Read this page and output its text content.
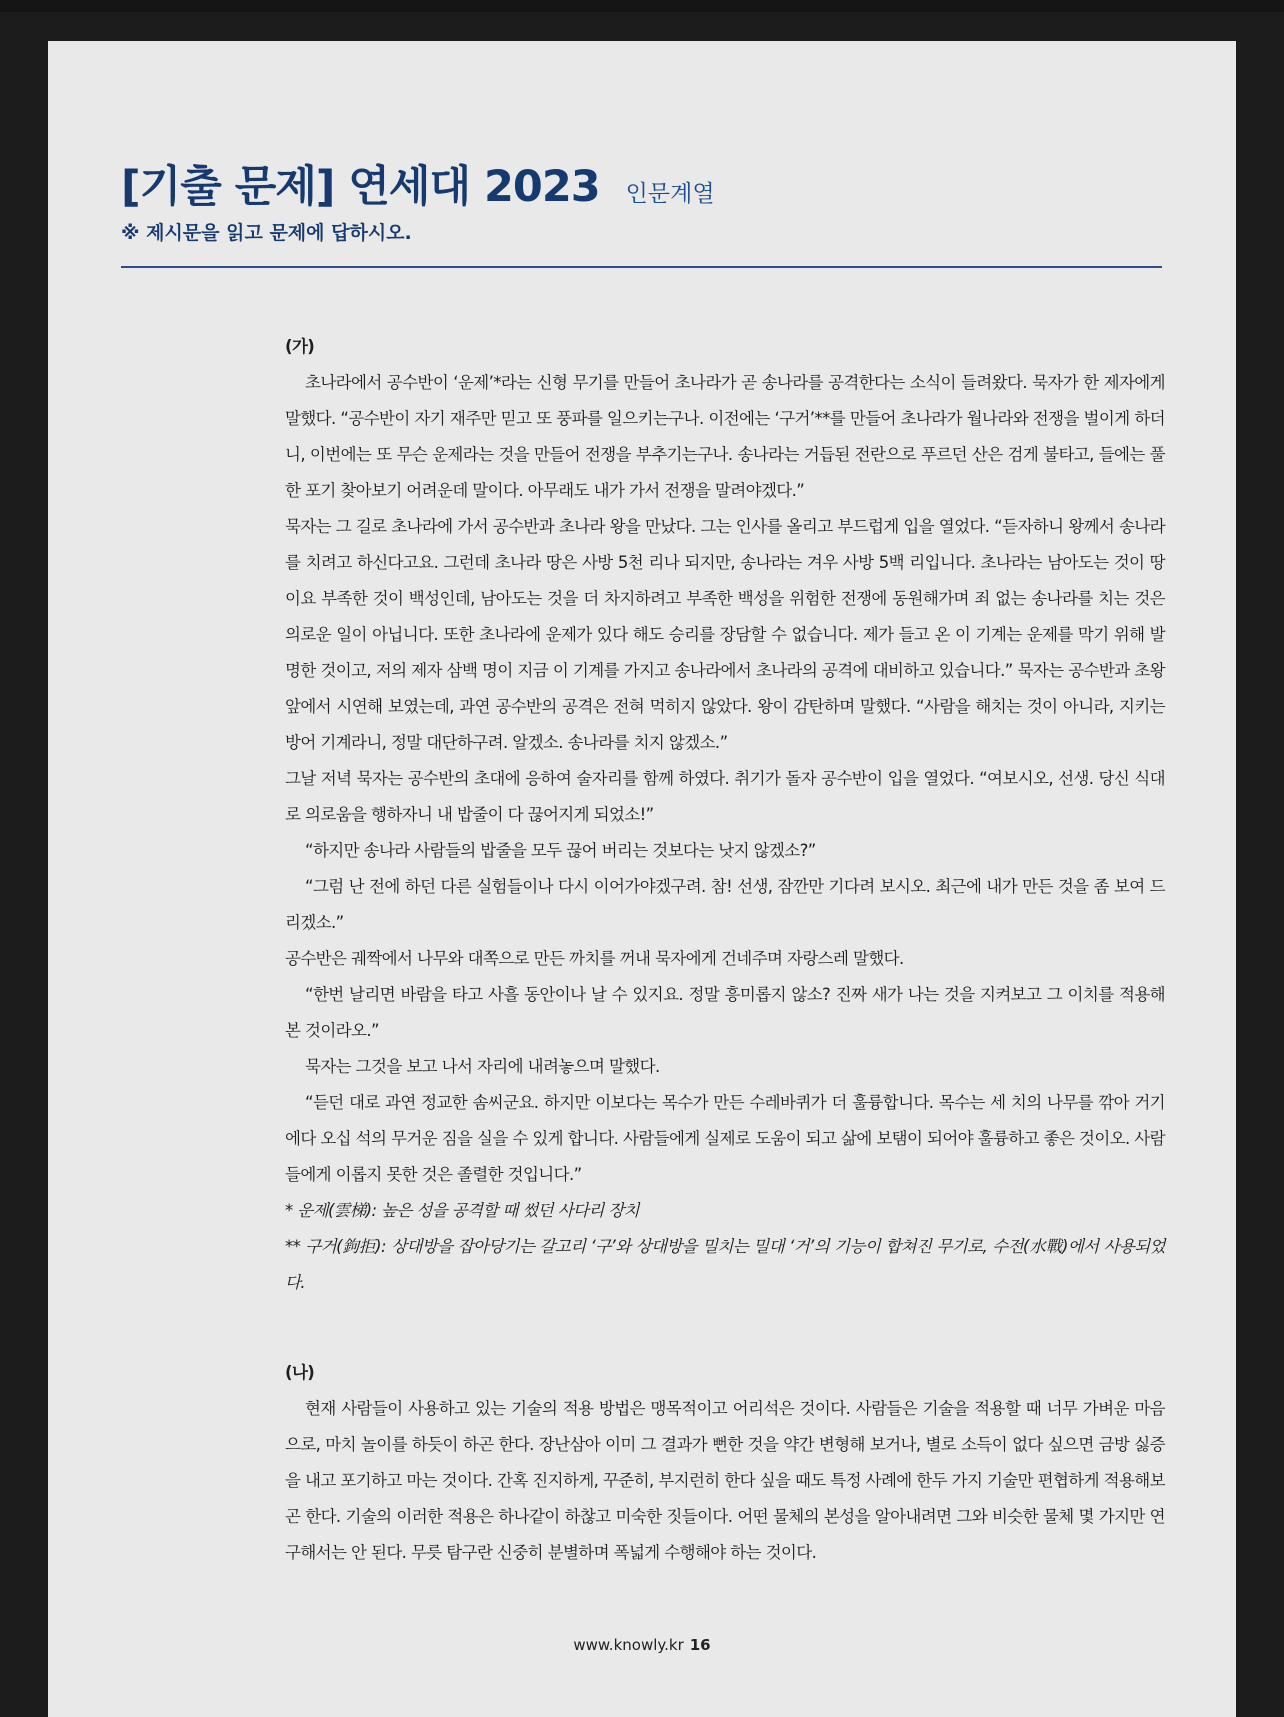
[기출 문제] 연세대 2023 인문계열
※ 제시문을 읽고 문제에 답하시오.
(가)

초나라에서 공수반이 ‘운제’*라는 신형 무기를 만들어 초나라가 곧 송나라를 공격한다는 소식이 들려왔다. 묵자가 한 제자에게 말했다. “공수반이 자기 재주만 믿고 또 풍파를 일으키는구나. 이전에는 ‘구거’**를 만들어 초나라가 월나라와 전쟁을 벌이게 하더니, 이번에는 또 무슨 운제라는 것을 만들어 전쟁을 부추기는구나. 송나라는 거듭된 전란으로 푸르던 산은 검게 불타고, 들에는 풀 한 포기 찾아보기 어려운데 말이다. 아무래도 내가 가서 전쟁을 말려야겠다.”

묵자는 그 길로 초나라에 가서 공수반과 초나라 왕을 만났다. 그는 인사를 올리고 부드럽게 입을 열었다. “듣자하니 왕께서 송나라를 치려고 하신다고요. 그런데 초나라 땅은 사방 5천 리나 되지만, 송나라는 겨우 사방 5백 리입니다. 초나라는 남아도는 것이 땅이요 부족한 것이 백성인데, 남아도는 것을 더 차지하려고 부족한 백성을 위험한 전쟁에 동원해가며 죄 없는 송나라를 치는 것은 의로운 일이 아닙니다. 또한 초나라에 운제가 있다 해도 승리를 장담할 수 없습니다. 제가 들고 온 이 기계는 운제를 막기 위해 발명한 것이고, 저의 제자 삼백 명이 지금 이 기계를 가지고 송나라에서 초나라의 공격에 대비하고 있습니다.” 묵자는 공수반과 초왕 앞에서 시연해 보였는데, 과연 공수반의 공격은 전혀 먹히지 않았다. 왕이 감탄하며 말했다. “사람을 해치는 것이 아니라, 지키는 방어 기계라니, 정말 대단하구려. 알겠소. 송나라를 치지 않겠소.”

그날 저녁 묵자는 공수반의 초대에 응하여 술자리를 함께 하였다. 취기가 돌자 공수반이 입을 열었다. “여보시오, 선생. 당신 식대로 의로움을 행하자니 내 밥줄이 다 끊어지게 되었소!”

“하지만 송나라 사람들의 밥줄을 모두 끊어 버리는 것보다는 낫지 않겠소?”

“그럼 난 전에 하던 다른 실험들이나 다시 이어가야겠구려. 참! 선생, 잠깐만 기다려 보시오. 최근에 내가 만든 것을 좀 보여 드리겠소.”

공수반은 궤짝에서 나무와 대쪽으로 만든 까치를 꺼내 묵자에게 건네주며 자랑스레 말했다.

“한번 날리면 바람을 타고 사흘 동안이나 날 수 있지요. 정말 흥미롭지 않소? 진짜 새가 나는 것을 지켜보고 그 이치를 적용해 본 것이라오.”

묵자는 그것을 보고 나서 자리에 내려놓으며 말했다.

“듣던 대로 과연 정교한 솜씨군요. 하지만 이보다는 목수가 만든 수레바퀴가 더 훌륭합니다. 목수는 세 치의 나무를 깎아 거기에다 오십 석의 무거운 짐을 실을 수 있게 합니다. 사람들에게 실제로 도움이 되고 삶에 보탬이 되어야 훌륭하고 좋은 것이오. 사람들에게 이롭지 못한 것은 졸렬한 것입니다.”

* 운제(雲梯): 높은 성을 공격할 때 썼던 사다리 장치

** 구거(鉤拒): 상대방을 잡아당기는 갈고리 ‘구’와 상대방을 밀치는 밀대 ‘거’의 기능이 합쳐진 무기로, 수전(水戰)에서 사용되었다.

(나)

현재 사람들이 사용하고 있는 기술의 적용 방법은 맹목적이고 어리석은 것이다. 사람들은 기술을 적용할 때 너무 가벼운 마음으로, 마치 놀이를 하듯이 하곤 한다. 장난삼아 이미 그 결과가 뻔한 것을 약간 변형해 보거나, 별로 소득이 없다 싶으면 금방 싫증을 내고 포기하고 마는 것이다. 간혹 진지하게, 꾸준히, 부지런히 한다 싶을 때도 특정 사례에 한두 가지 기술만 편협하게 적용해보곤 한다. 기술의 이러한 적용은 하나같이 하찮고 미숙한 짓들이다. 어떤 물체의 본성을 알아내려면 그와 비슷한 물체 몇 가지만 연구해서는 안 된다. 무릇 탐구란 신중히 분별하며 폭넓게 수행해야 하는 것이다.

www.knowly.kr 16
